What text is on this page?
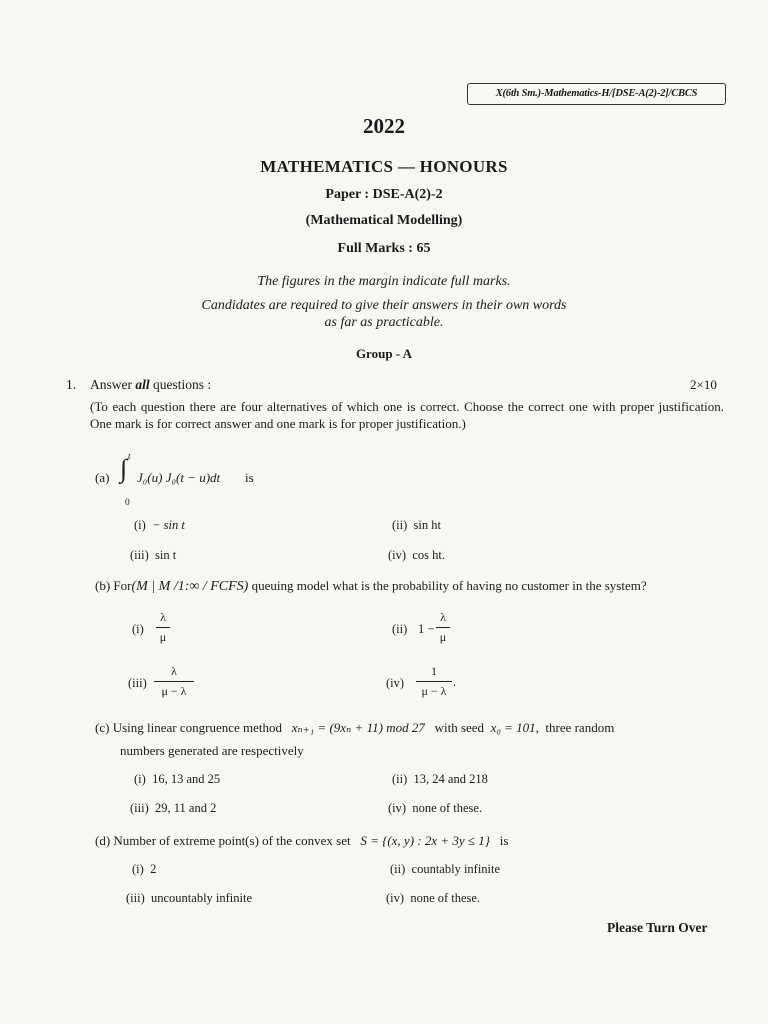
X(6th Sm.)-Mathematics-H/[DSE-A(2)-2]/CBCS
2022
MATHEMATICS — HONOURS
Paper : DSE-A(2)-2
(Mathematical Modelling)
Full Marks : 65
The figures in the margin indicate full marks.
Candidates are required to give their answers in their own words
as far as practicable.
Group - A
1. Answer all questions :	2×10
(To each question there are four alternatives of which one is correct. Choose the correct one with proper justification. One mark is for correct answer and one mark is for proper justification.)
(a) ∫ t
0
J₀(u) J₀(t − u)dt is
(i) − sin t	(ii) sin ht
(iii) sin t	(iv) cos ht.
(b) For(M | M /1:∞ / FCFS) queuing model what is the probability of having no customer in the system?
(i)
λ
μ
(ii) 1 −
λ
μ
(iii)
λ
μ − λ
(iv)
1
μ − λ
.
(c) Using linear congruence method xₙ₊₁ = (9xₙ + 11) mod 27 with seed x₀ = 101, three random
numbers generated are respectively
(i) 16, 13 and 25	(ii) 13, 24 and 218
(iii) 29, 11 and 2	(iv) none of these.
(d) Number of extreme point(s) of the convex set S = {(x, y) : 2x + 3y ≤ 1} is
(i) 2	(ii) countably infinite
(iii) uncountably infinite	(iv) none of these.
Please Turn Over
